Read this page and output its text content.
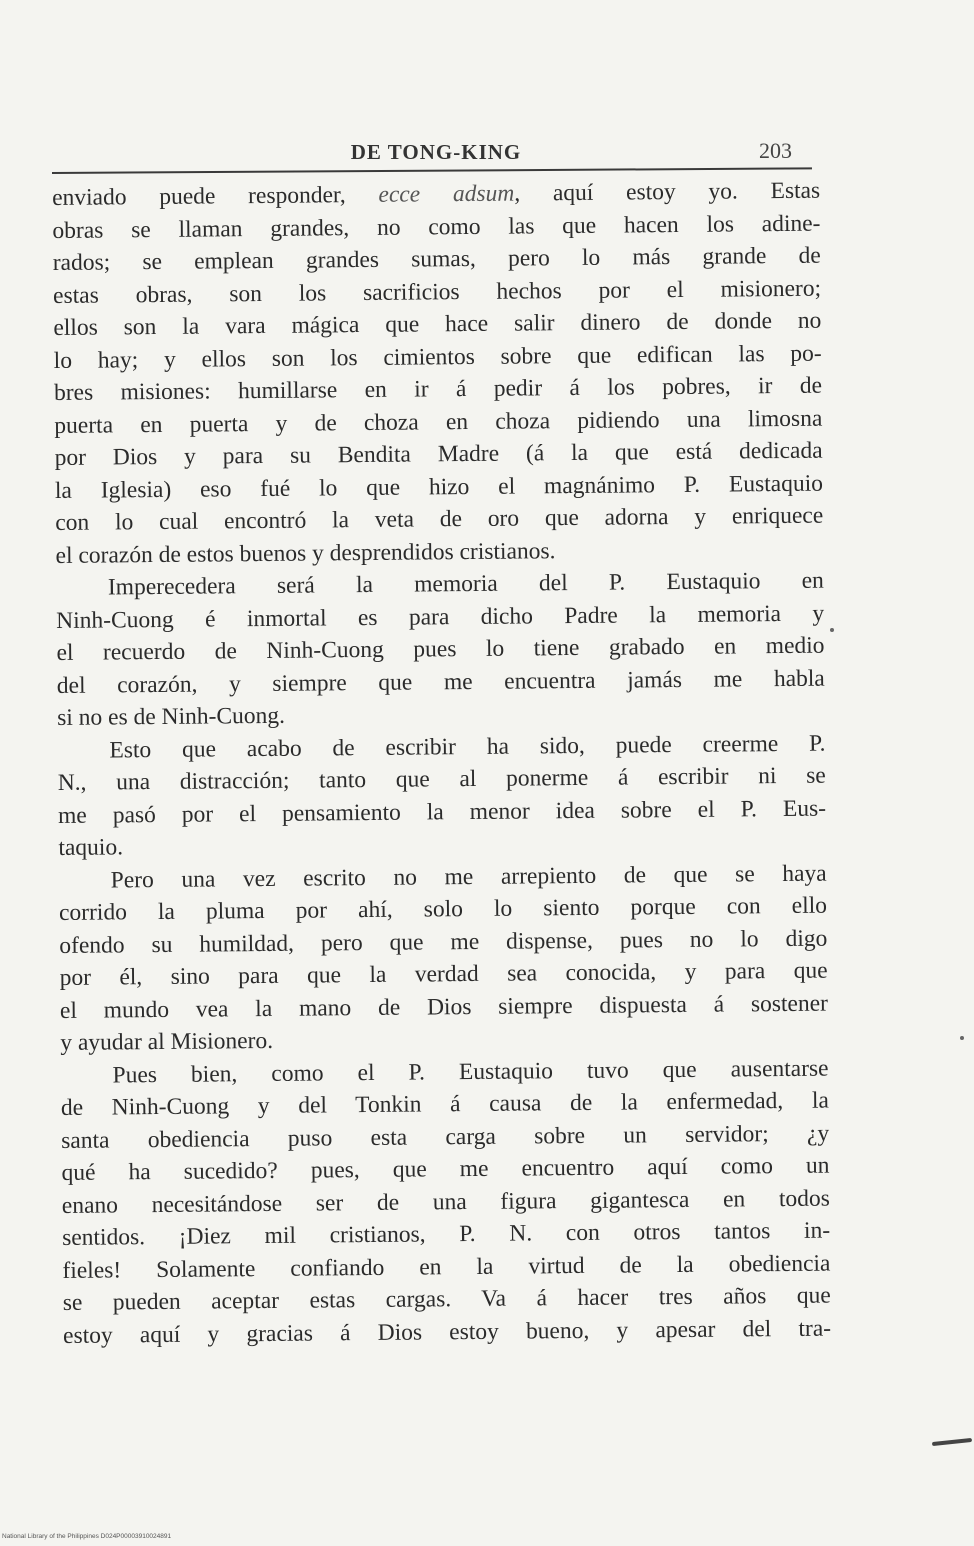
DE TONG-KING	203
enviado puede responder, ecce adsum, aquí estoy yo. Estas
obras se llaman grandes, no como las que hacen los adine-
rados; se emplean grandes sumas, pero lo más grande de
estas obras, son los sacrificios hechos por el misionero;
ellos son la vara mágica que hace salir dinero de donde no
lo hay; y ellos son los cimientos sobre que edifican las po-
bres misiones: humillarse en ir á pedir á los pobres, ir de
puerta en puerta y de choza en choza pidiendo una limosna
por Dios y para su Bendita Madre (á la que está dedicada
la Iglesia) eso fué lo que hizo el magnánimo P. Eustaquio
con lo cual encontró la veta de oro que adorna y enriquece
el corazón de estos buenos y desprendidos cristianos.
Imperecedera será la memoria del P. Eustaquio en
Ninh-Cuong é inmortal es para dicho Padre la memoria y
el recuerdo de Ninh-Cuong pues lo tiene grabado en medio
del corazón, y siempre que me encuentra jamás me habla
si no es de Ninh-Cuong.
Esto que acabo de escribir ha sido, puede creerme P.
N., una distracción; tanto que al ponerme á escribir ni se
me pasó por el pensamiento la menor idea sobre el P. Eus-
taquio.
Pero una vez escrito no me arrepiento de que se haya
corrido la pluma por ahí, solo lo siento porque con ello
ofendo su humildad, pero que me dispense, pues no lo digo
por él, sino para que la verdad sea conocida, y para que
el mundo vea la mano de Dios siempre dispuesta á sostener
y ayudar al Misionero.
Pues bien, como el P. Eustaquio tuvo que ausentarse
de Ninh-Cuong y del Tonkin á causa de la enfermedad, la
santa obediencia puso esta carga sobre un servidor; ¿y
qué ha sucedido? pues, que me encuentro aquí como un
enano necesitándose ser de una figura gigantesca en todos
sentidos. ¡Diez mil cristianos, P. N. con otros tantos in-
fieles! Solamente confiando en la virtud de la obediencia
se pueden aceptar estas cargas. Va á hacer tres años que
estoy aquí y gracias á Dios estoy bueno, y apesar del tra-
National Library of the Philippines D024P00003910024891
